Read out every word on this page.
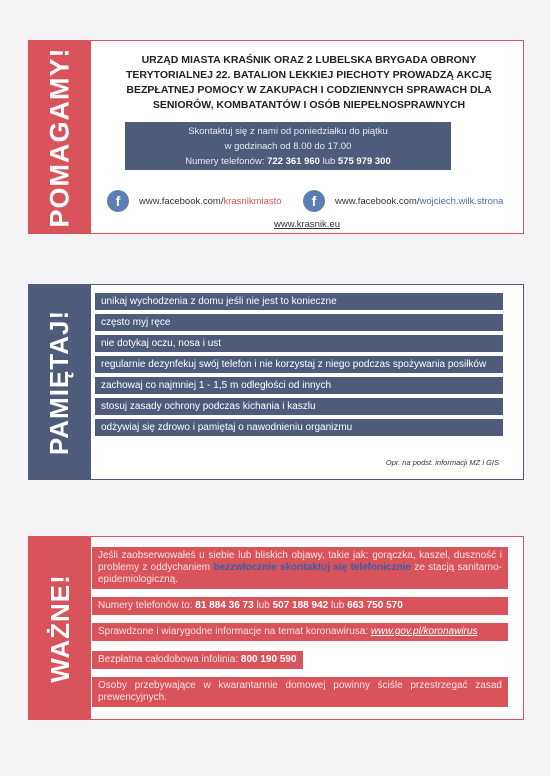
POMAGAMY!	URZĄD MIASTA KRAŚNIK ORAZ 2 LUBELSKA BRYGADA OBRONY TERYTORIALNEJ 22. BATALION LEKKIEJ PIECHOTY PROWADZĄ AKCJĘ BEZPŁATNEJ POMOCY W ZAKUPACH I CODZIENNYCH SPRAWACH DLA SENIORÓW, KOMBATANTÓW I OSÓB NIEPEŁNOSPRAWNYCH
Skontaktuj się z nami od poniedziałku do piątku
w godzinach od 8.00 do 17.00
Numery telefonów: 722 361 960 lub 575 979 300
f	www.facebook.com/ krasnikmiasto	f	www.facebook.com/ wojciech.wilk.strona
www.krasnik.eu
PAMIĘTAJ!
unikaj wychodzenia z domu jeśli nie jest to konieczne
często myj ręce
nie dotykaj oczu, nosa i ust
regularnie dezynfekuj swój telefon i nie korzystaj z niego podczas spożywania posiłków
zachowaj co najmniej 1 - 1,5 m odległości od innych
stosuj zasady ochrony podczas kichania i kaszlu
odżywiaj się zdrowo i pamiętaj o nawodnieniu organizmu
Opr. na podst. informacji MZ i GIS
WAŻNE!
Jeśli zaobserwowałeś u siebie lub bliskich objawy, takie jak: gorączka, kaszel, duszność i problemy z oddychaniem bezzwłocznie skontaktuj się telefonicznie ze stacją sanitarno-epidemiologiczną.
Numery telefonów to: 81 884 36 73 lub 507 188 942 lub 663 750 570
Sprawdzone i wiarygodne informacje na temat koronawirusa: www.gov.pl/koronawirus
Bezpłatna całodobowa infolinia: 800 190 590
Osoby przebywające w kwarantannie domowej powinny ściśle przestrzegać zasad prewencyjnych.
